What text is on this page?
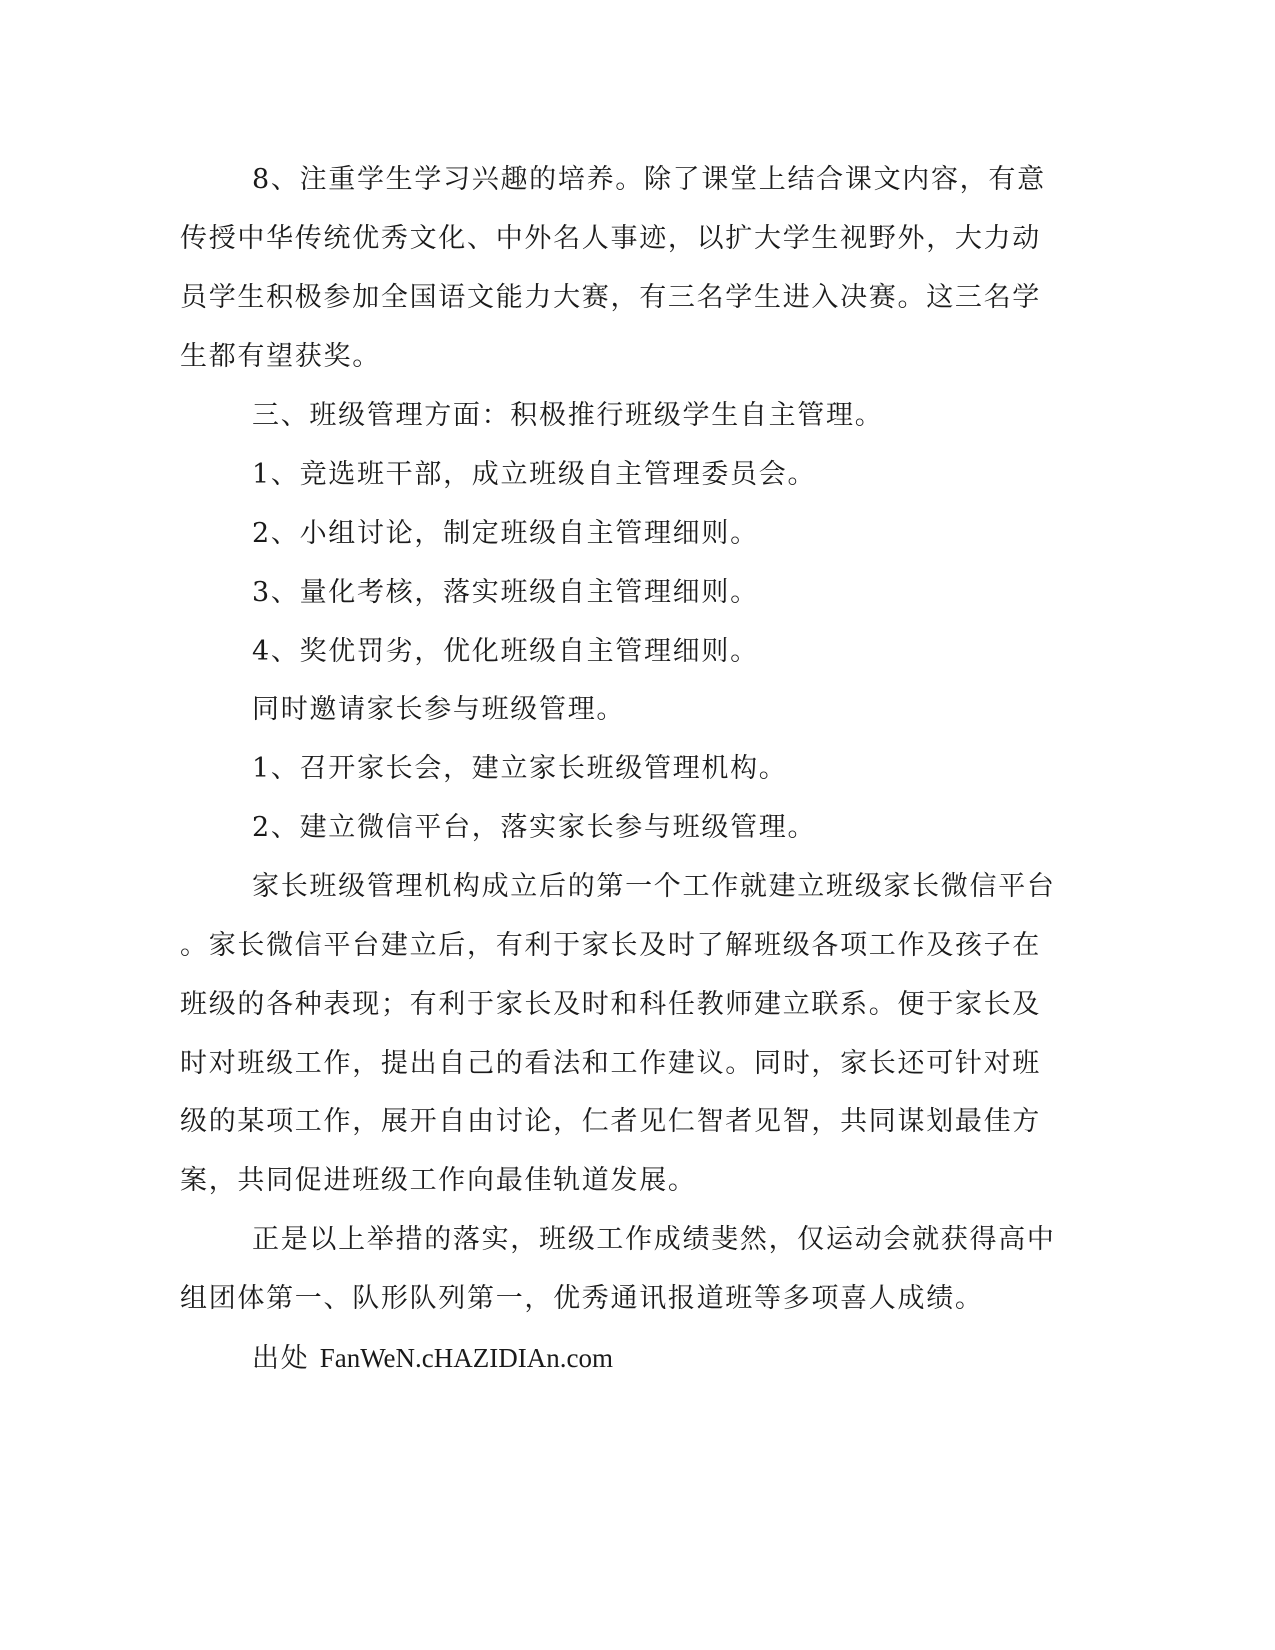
8、注重学生学习兴趣的培养。除了课堂上结合课文内容，有意
传授中华传统优秀文化、中外名人事迹，以扩大学生视野外，大力动
员学生积极参加全国语文能力大赛，有三名学生进入决赛。这三名学
生都有望获奖。
三、班级管理方面：积极推行班级学生自主管理。
1、竞选班干部，成立班级自主管理委员会。
2、小组讨论，制定班级自主管理细则。
3、量化考核，落实班级自主管理细则。
4、奖优罚劣，优化班级自主管理细则。
同时邀请家长参与班级管理。
1、召开家长会，建立家长班级管理机构。
2、建立微信平台，落实家长参与班级管理。
家长班级管理机构成立后的第一个工作就建立班级家长微信平台
。家长微信平台建立后，有利于家长及时了解班级各项工作及孩子在
班级的各种表现；有利于家长及时和科任教师建立联系。便于家长及
时对班级工作，提出自己的看法和工作建议。同时，家长还可针对班
级的某项工作，展开自由讨论，仁者见仁智者见智，共同谋划最佳方
案，共同促进班级工作向最佳轨道发展。
正是以上举措的落实，班级工作成绩斐然，仅运动会就获得高中
组团体第一、队形队列第一，优秀通讯报道班等多项喜人成绩。
出处 FanWeN.cHAZIDIAn.com
